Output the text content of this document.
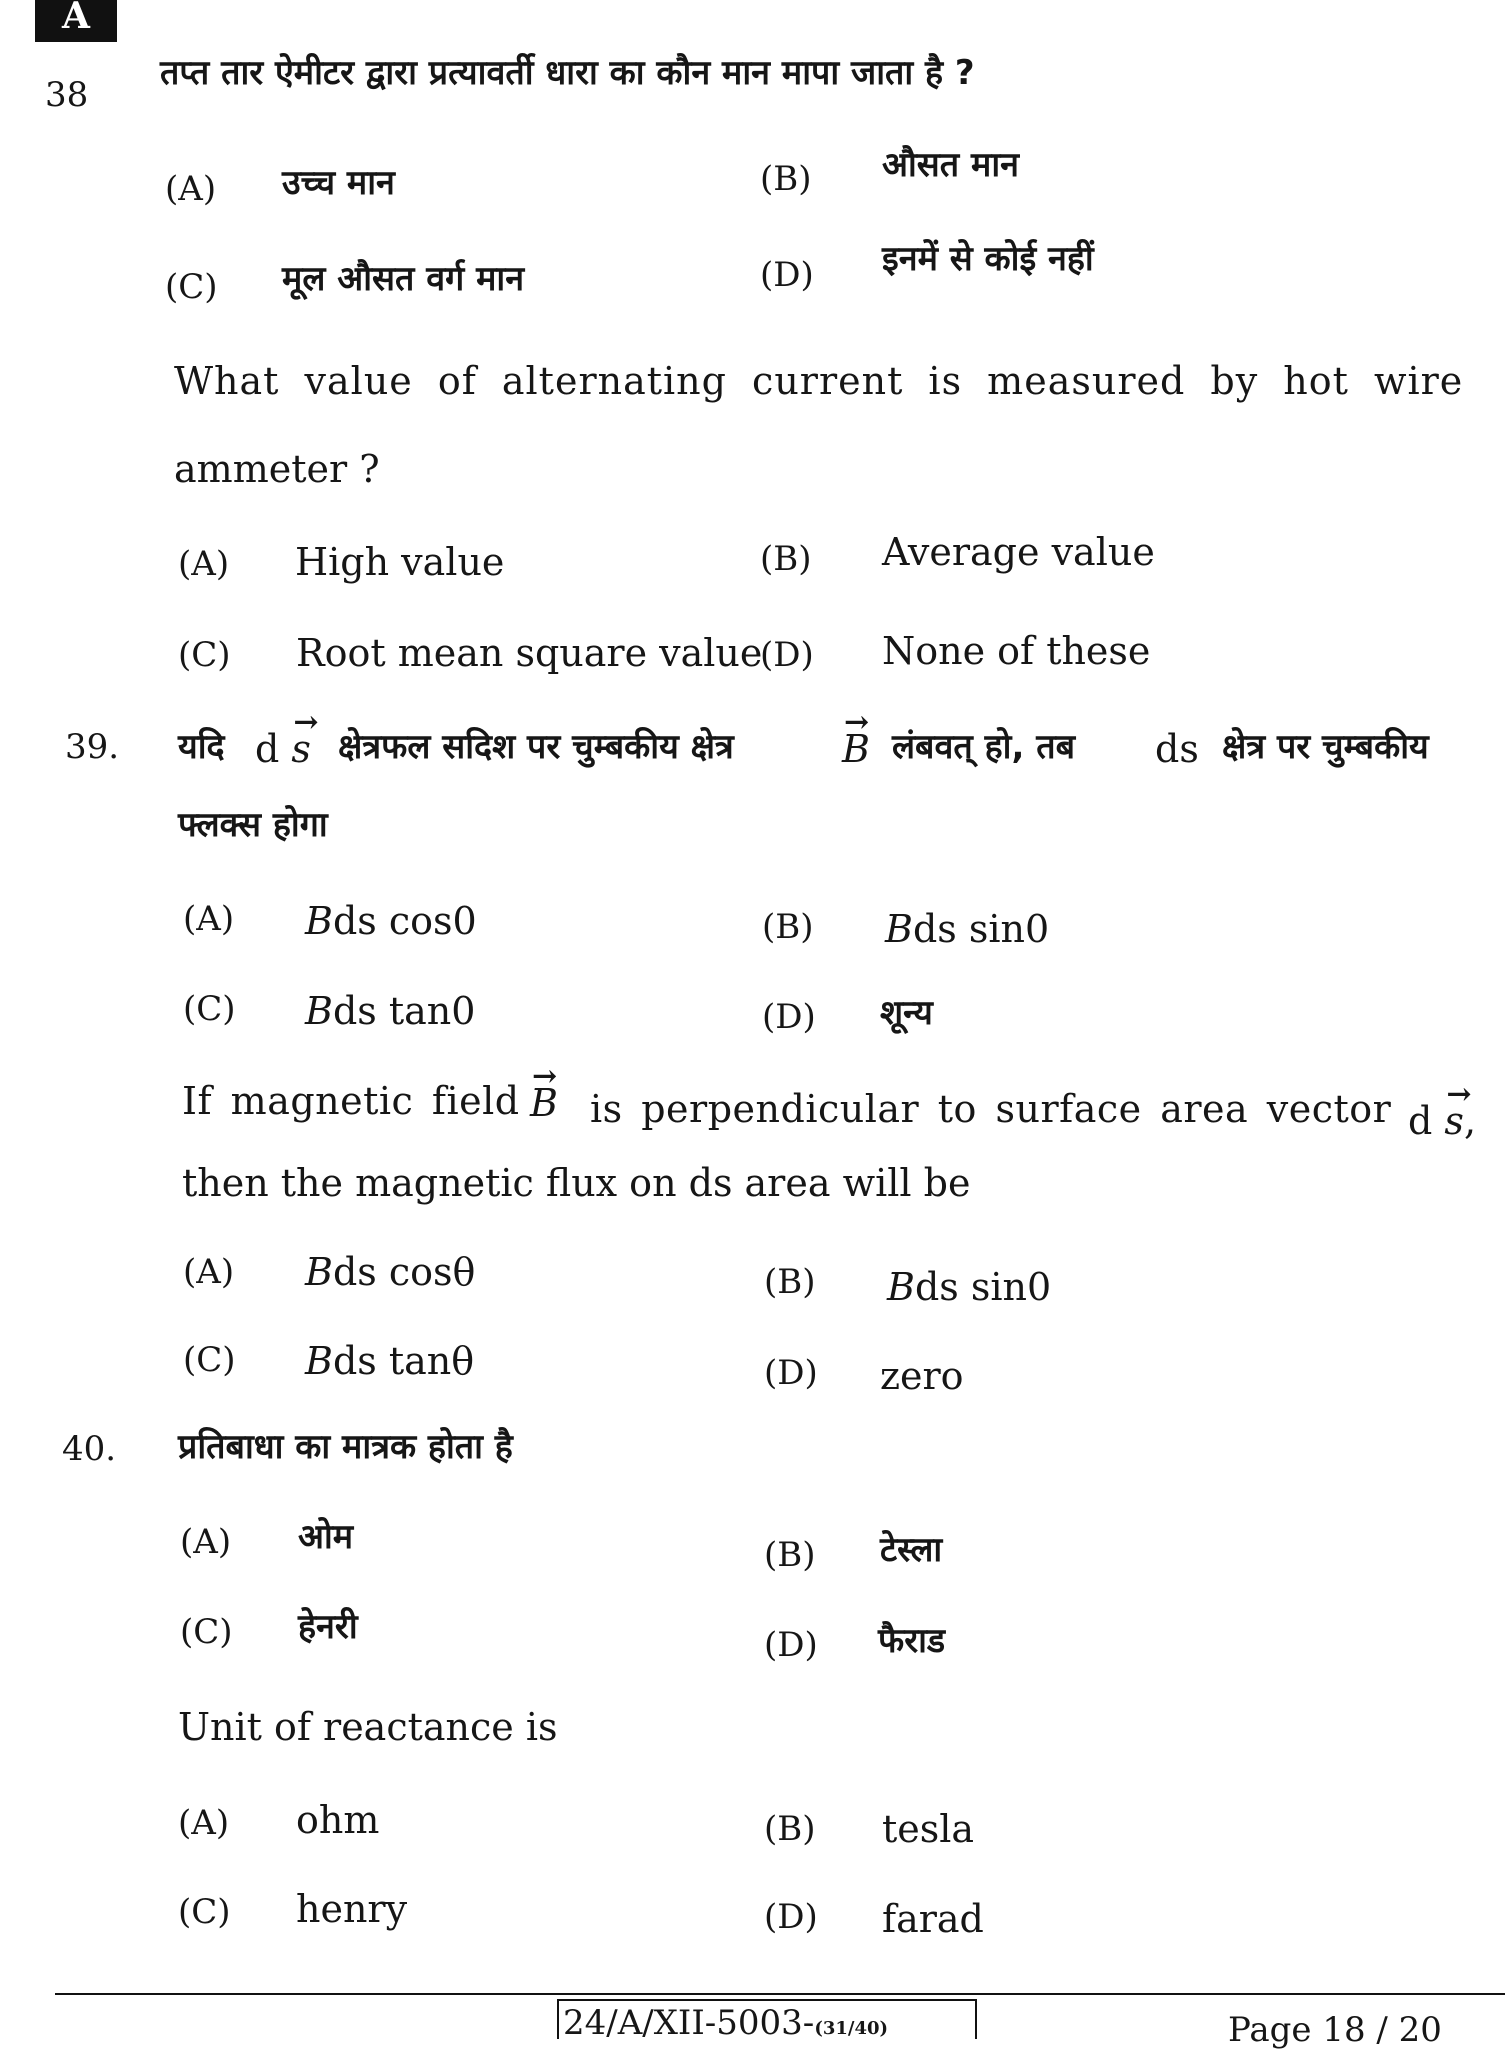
A
38
तप्त तार ऐमीटर द्वारा प्रत्यावर्ती धारा का कौन मान मापा जाता है ?
(A) उच्च मान	(B) औसत मान
(C) मूल औसत वर्ग मान	(D) इनमें से कोई नहीं
What value of alternating current is measured by hot wire
ammeter ?
(A) High value	(B) Average value
(C) Root mean square value
(D) None of these
39. यदि d → s क्षेत्रफल सदिश पर चुम्बकीय क्षेत्र	→ B लंबवत् हो, तब ds क्षेत्र पर चुम्बकीय
फ्लक्स होगा
(A) Bds cos0	(B) Bds sin0
(C) Bds tan0	(D) शून्य
If magnetic field → B is perpendicular to surface area vector d → s,
then the magnetic flux on ds area will be
(A) Bds cosθ	(B) Bds sin0
(C) Bds tanθ	(D) zero
40. प्रतिबाधा का मात्रक होता है
(A) ओम	(B) टेस्ला
(C) हेनरी	(D) फैराड
Unit of reactance is
(A) ohm	(B) tesla
(C) henry	(D) farad
24/A/XII-5003-(31/40)	Page 18 / 20
